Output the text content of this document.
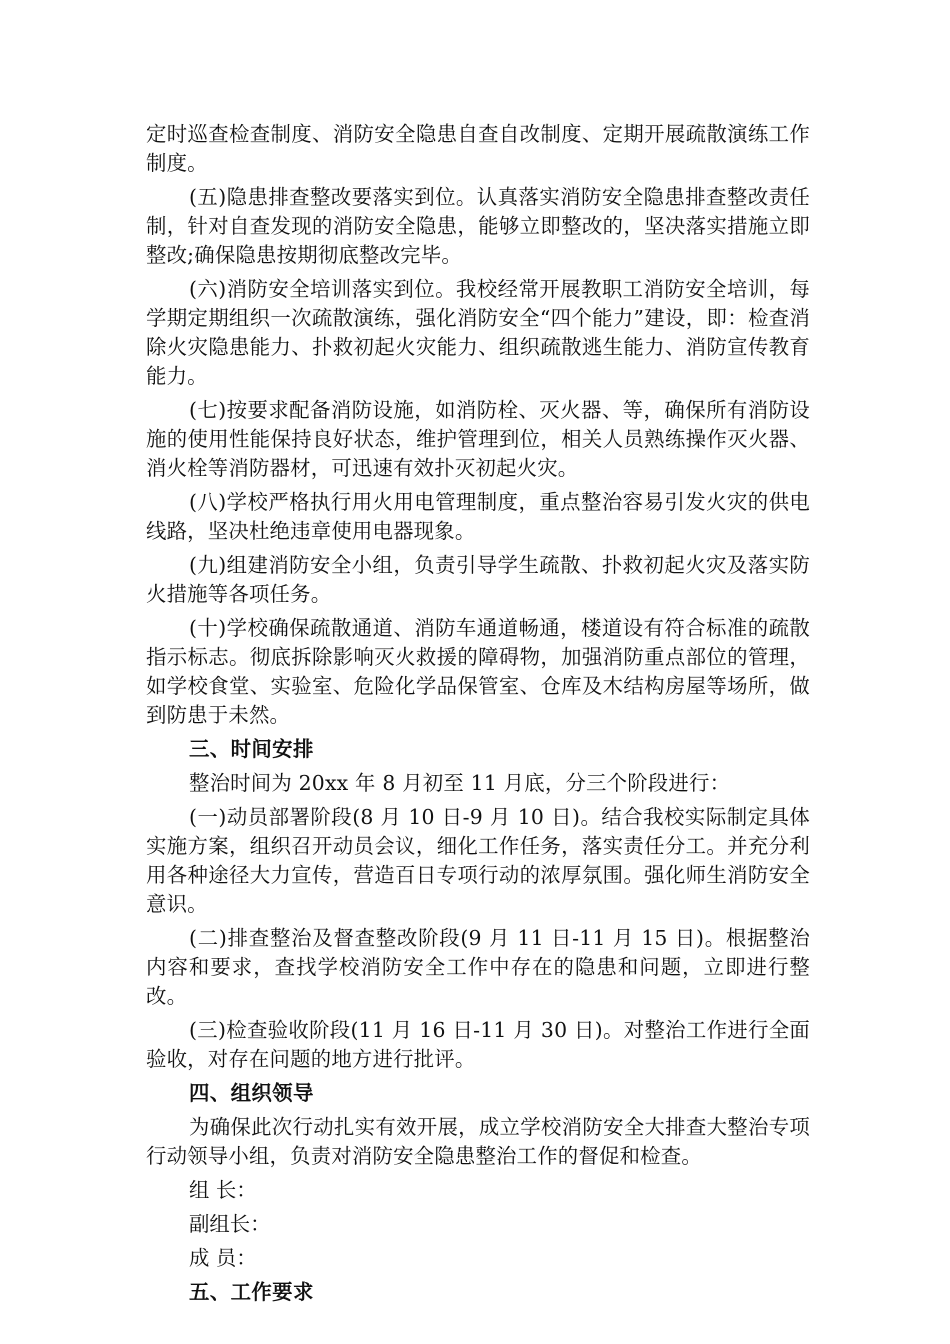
定时巡查检查制度、消防安全隐患自查自改制度、定期开展疏散演练工作制度。

(五)隐患排查整改要落实到位。认真落实消防安全隐患排查整改责任制，针对自查发现的消防安全隐患，能够立即整改的，坚决落实措施立即整改;确保隐患按期彻底整改完毕。

(六)消防安全培训落实到位。我校经常开展教职工消防安全培训，每学期定期组织一次疏散演练，强化消防安全“四个能力”建设，即：检查消除火灾隐患能力、扑救初起火灾能力、组织疏散逃生能力、消防宣传教育能力。

(七)按要求配备消防设施，如消防栓、灭火器、等，确保所有消防设施的使用性能保持良好状态，维护管理到位，相关人员熟练操作灭火器、消火栓等消防器材，可迅速有效扑灭初起火灾。

(八)学校严格执行用火用电管理制度，重点整治容易引发火灾的供电线路，坚决杜绝违章使用电器现象。

(九)组建消防安全小组，负责引导学生疏散、扑救初起火灾及落实防火措施等各项任务。

(十)学校确保疏散通道、消防车通道畅通，楼道设有符合标准的疏散指示标志。彻底拆除影响灭火救援的障碍物，加强消防重点部位的管理，如学校食堂、实验室、危险化学品保管室、仓库及木结构房屋等场所，做到防患于未然。

三、时间安排

整治时间为 20xx 年 8 月初至 11 月底，分三个阶段进行：

(一)动员部署阶段(8 月 10 日-9 月 10 日)。结合我校实际制定具体实施方案，组织召开动员会议，细化工作任务，落实责任分工。并充分利用各种途径大力宣传，营造百日专项行动的浓厚氛围。强化师生消防安全意识。

(二)排查整治及督查整改阶段(9 月 11 日-11 月 15 日)。根据整治内容和要求，查找学校消防安全工作中存在的隐患和问题，立即进行整改。

(三)检查验收阶段(11 月 16 日-11 月 30 日)。对整治工作进行全面验收，对存在问题的地方进行批评。

四、组织领导

为确保此次行动扎实有效开展，成立学校消防安全大排查大整治专项行动领导小组，负责对消防安全隐患整治工作的督促和检查。

组 长：

副组长：

成 员：

五、工作要求
